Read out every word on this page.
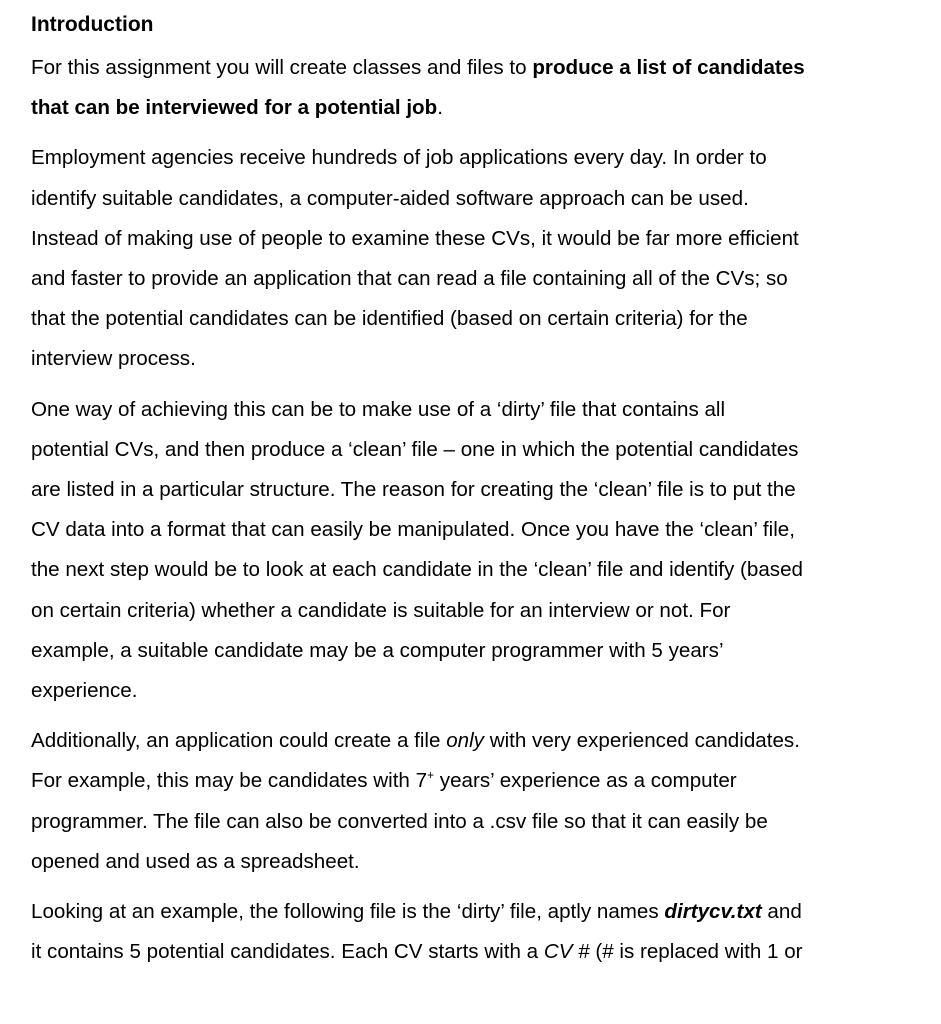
Introduction
For this assignment you will create classes and files to produce a list of candidates
that can be interviewed for a potential job.
Employment agencies receive hundreds of job applications every day. In order to
identify suitable candidates, a computer-aided software approach can be used.
Instead of making use of people to examine these CVs, it would be far more efficient
and faster to provide an application that can read a file containing all of the CVs; so
that the potential candidates can be identified (based on certain criteria) for the
interview process.
One way of achieving this can be to make use of a ‘dirty’ file that contains all
potential CVs, and then produce a ‘clean’ file – one in which the potential candidates
are listed in a particular structure. The reason for creating the ‘clean’ file is to put the
CV data into a format that can easily be manipulated. Once you have the ‘clean’ file,
the next step would be to look at each candidate in the ‘clean’ file and identify (based
on certain criteria) whether a candidate is suitable for an interview or not. For
example, a suitable candidate may be a computer programmer with 5 years’
experience.
Additionally, an application could create a file only with very experienced candidates.
For example, this may be candidates with 7+ years’ experience as a computer
programmer. The file can also be converted into a .csv file so that it can easily be
opened and used as a spreadsheet.
Looking at an example, the following file is the ‘dirty’ file, aptly names dirtycv.txt and
it contains 5 potential candidates. Each CV starts with a CV # (# is replaced with 1 or
